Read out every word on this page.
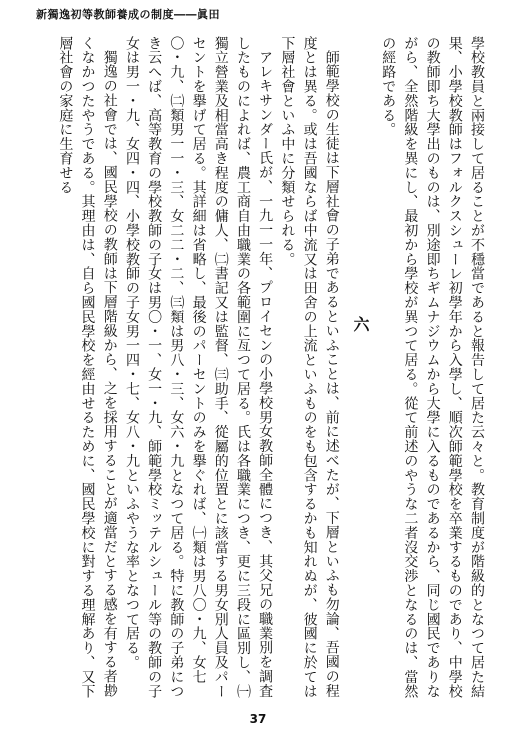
新獨逸初等教師養成の制度――眞田

學校教員と兩接して居ることが不穩當であると報告して居た云々と。教育制度が階級的となつて居た結果、小學校教師はフォルクスシューレ初學年から入學し、順次師範學校を卒業するものであり、中學校の教師即ち大學出のものは、別途即ちギムナジウムから大學に入るものであるから、同じ國民でありながら、全然階級を異にし、最初から學校が異つて居る。從て前述のやうな二者沒交渉となるのは、當然の經路である。

六

師範學校の生徒は下層社會の子弟であるといふことは、前に述べたが、下層といふも勿論、吾國の程度とは異る。或は吾國ならば中流又は田舍の上流といふものをも包含するかも知れぬが、彼國に於ては下層社會といふ中に分類せられる。

アレキサンダー氏が、一九一一年、プロイセンの小學校男女教師全體につき、其父兄の職業別を調査したものによれば、農工商自由職業の各範圍に亙つて居る。氏は各職業につき、更に三段に區別し、㈠獨立營業及相當高き程度の傭人、㈡書記又は監督、㈢助手、從屬的位置とに該當する男女別人員及パーセントを擧げて居る。其詳細は省略し、最後のパーセントのみを擧ぐれば、㈠類は男八〇・九、女七〇・九、㈡類男一一・三、女二二・二、㈢類は男八・三、女六・九となつて居る。特に教師の子弟につき云へば、高等教育の學校教師の子女は男〇・一、女一・九、師範學校ミッテルシュール等の教師の子女は男一・九、女四・四、小學校教師の子女男一四・七、女八・九といふやうな率となつて居る。

獨逸の社會では、國民學校の教師は下層階級から、之を採用することが適當だとする感を有する者尠くなかつたやうである。其理由は、自ら國民學校を經由せるために、國民學校に對する理解あり、又下層社會の家庭に生育せる

37
